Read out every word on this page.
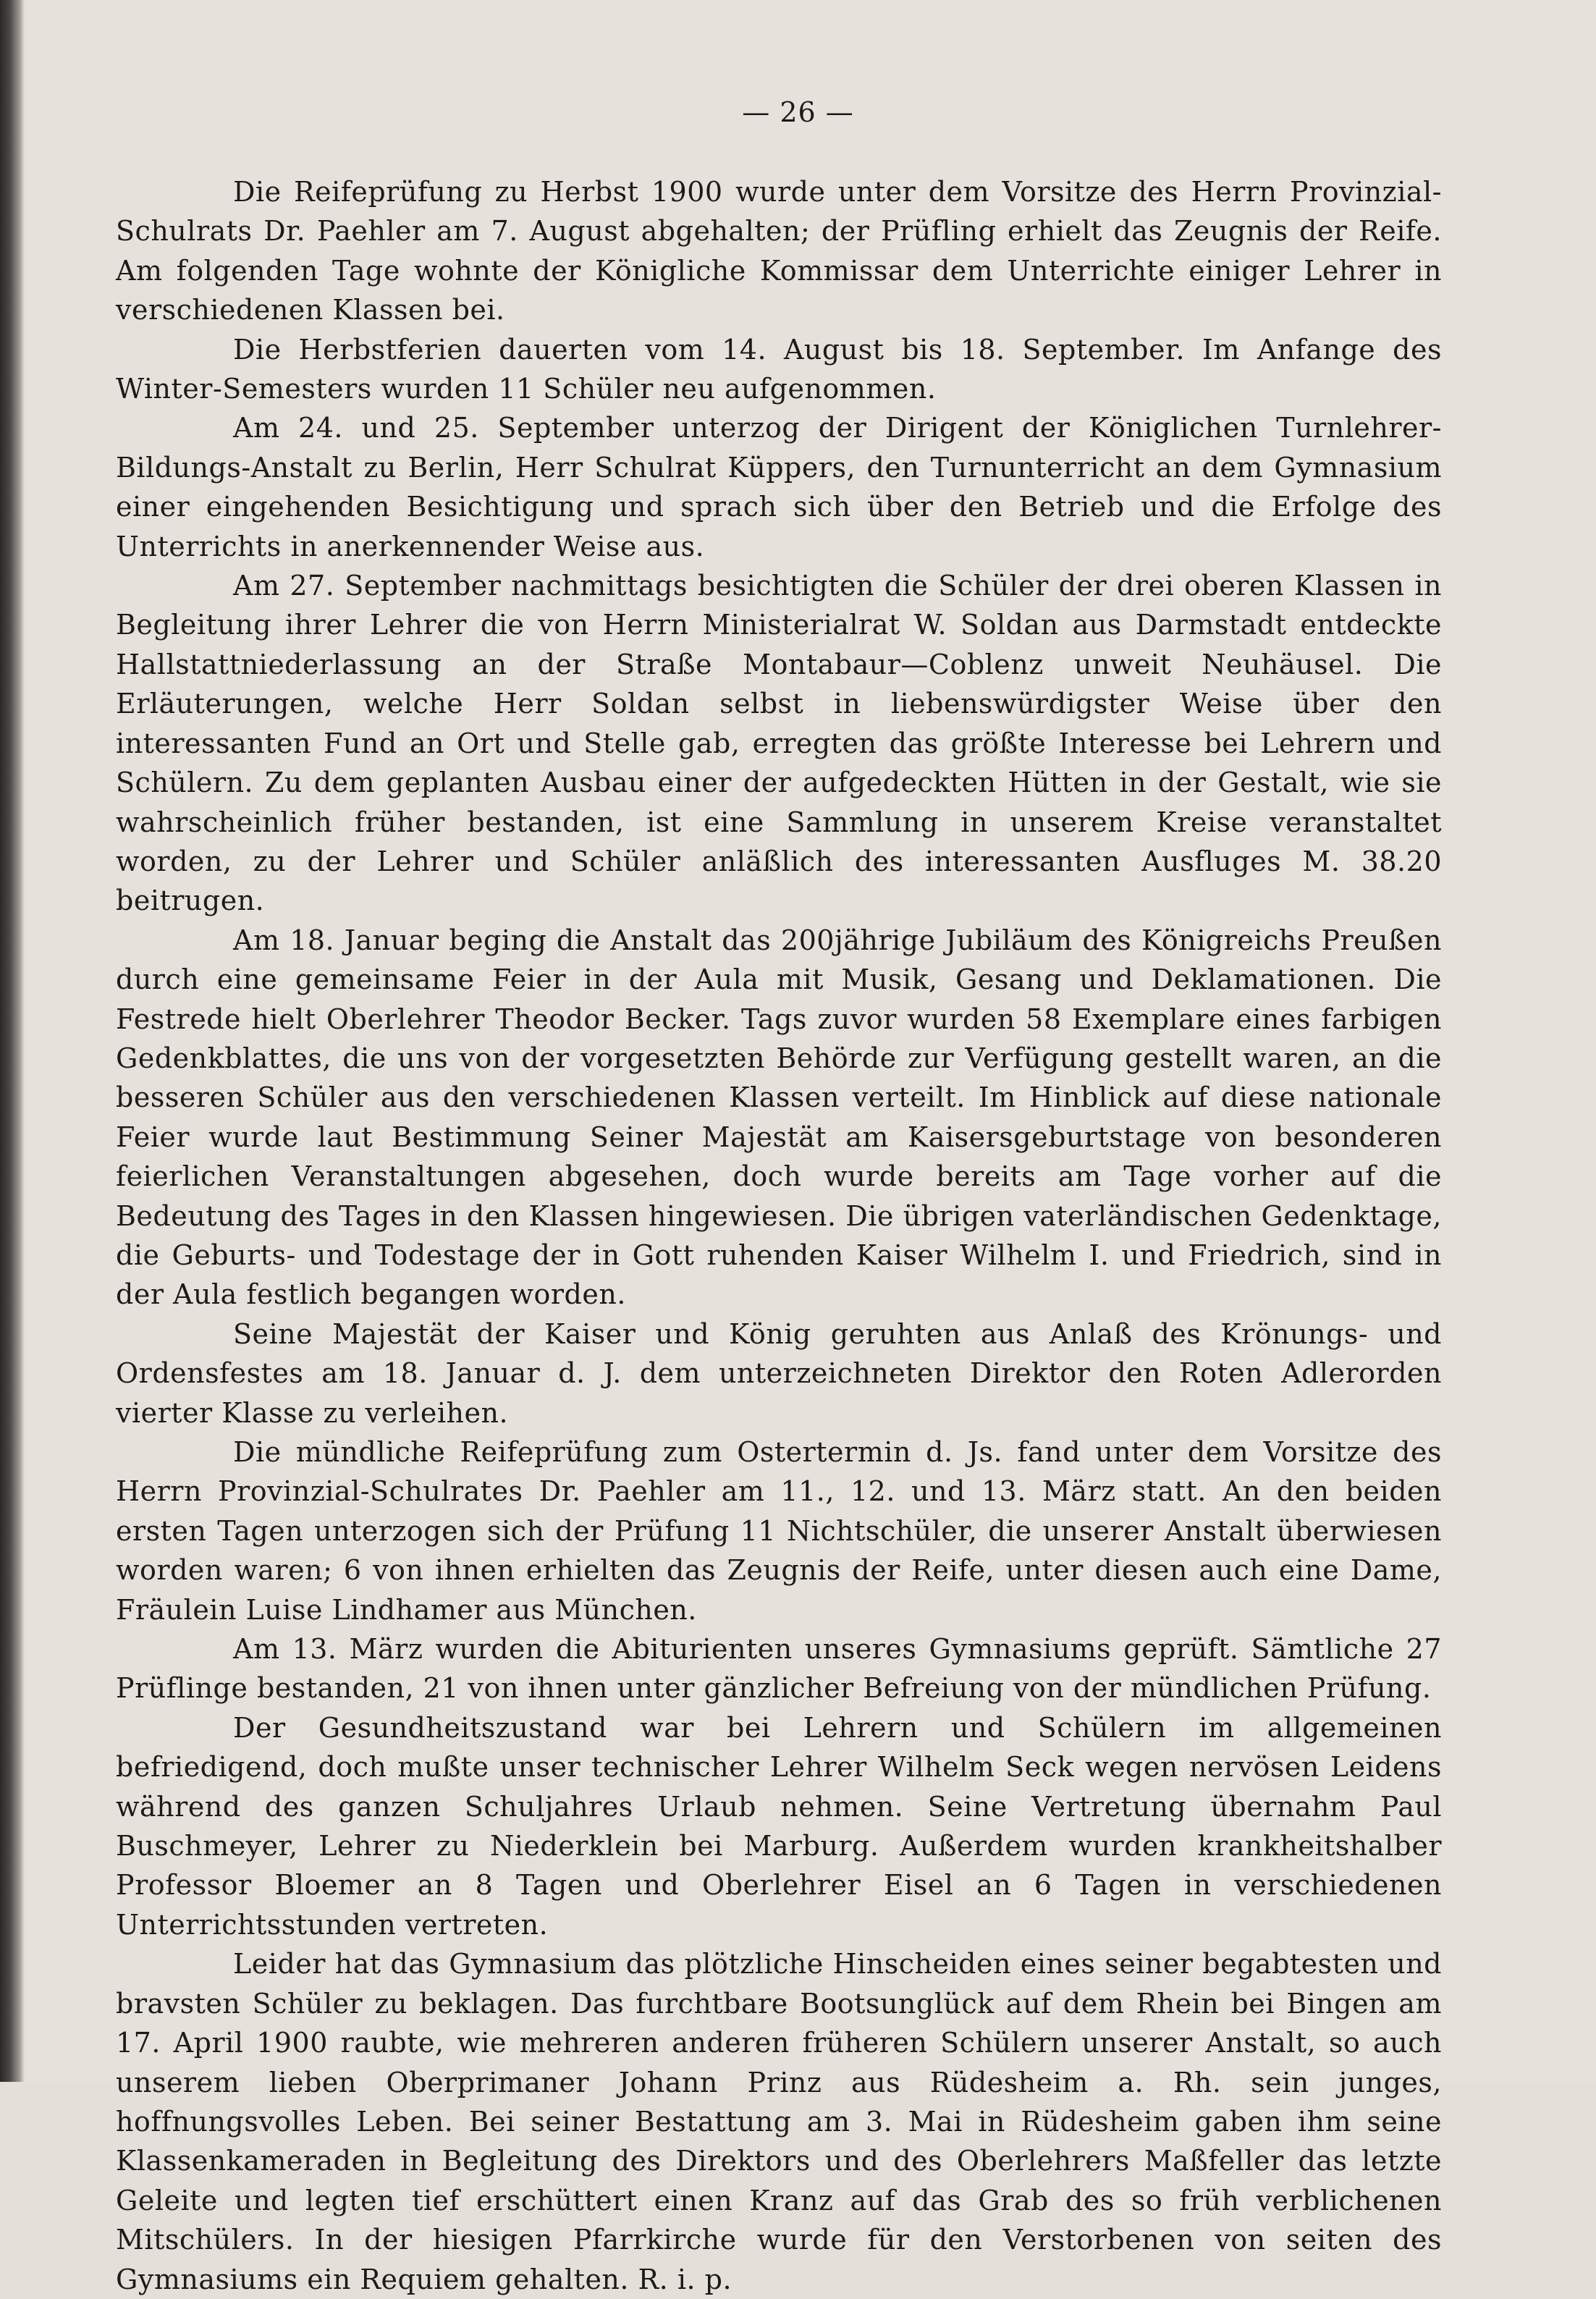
— 26 —

Die Reifeprüfung zu Herbst 1900 wurde unter dem Vorsitze des Herrn Provinzial-Schulrats Dr. Paehler am 7. August abgehalten; der Prüfling erhielt das Zeugnis der Reife. Am folgenden Tage wohnte der Königliche Kommissar dem Unterrichte einiger Lehrer in verschiedenen Klassen bei.

Die Herbstferien dauerten vom 14. August bis 18. September. Im Anfange des Winter-Semesters wurden 11 Schüler neu aufgenommen.

Am 24. und 25. September unterzog der Dirigent der Königlichen Turnlehrer-Bildungs-Anstalt zu Berlin, Herr Schulrat Küppers, den Turnunterricht an dem Gymnasium einer eingehenden Besichtigung und sprach sich über den Betrieb und die Erfolge des Unterrichts in anerkennender Weise aus.

Am 27. September nachmittags besichtigten die Schüler der drei oberen Klassen in Begleitung ihrer Lehrer die von Herrn Ministerialrat W. Soldan aus Darmstadt entdeckte Hallstattniederlassung an der Straße Montabaur—Coblenz unweit Neuhäusel. Die Erläuterungen, welche Herr Soldan selbst in liebenswürdigster Weise über den interessanten Fund an Ort und Stelle gab, erregten das größte Interesse bei Lehrern und Schülern. Zu dem geplanten Ausbau einer der aufgedeckten Hütten in der Gestalt, wie sie wahrscheinlich früher bestanden, ist eine Sammlung in unserem Kreise veranstaltet worden, zu der Lehrer und Schüler anläßlich des interessanten Ausfluges M. 38.20 beitrugen.

Am 18. Januar beging die Anstalt das 200jährige Jubiläum des Königreichs Preußen durch eine gemeinsame Feier in der Aula mit Musik, Gesang und Deklamationen. Die Festrede hielt Oberlehrer Theodor Becker. Tags zuvor wurden 58 Exemplare eines farbigen Gedenkblattes, die uns von der vorgesetzten Behörde zur Verfügung gestellt waren, an die besseren Schüler aus den verschiedenen Klassen verteilt. Im Hinblick auf diese nationale Feier wurde laut Bestimmung Seiner Majestät am Kaisersgeburtstage von besonderen feierlichen Veranstaltungen abgesehen, doch wurde bereits am Tage vorher auf die Bedeutung des Tages in den Klassen hingewiesen. Die übrigen vaterländischen Gedenktage, die Geburts- und Todestage der in Gott ruhenden Kaiser Wilhelm I. und Friedrich, sind in der Aula festlich begangen worden.

Seine Majestät der Kaiser und König geruhten aus Anlaß des Krönungs- und Ordensfestes am 18. Januar d. J. dem unterzeichneten Direktor den Roten Adlerorden vierter Klasse zu verleihen.

Die mündliche Reifeprüfung zum Ostertermin d. Js. fand unter dem Vorsitze des Herrn Provinzial-Schulrates Dr. Paehler am 11., 12. und 13. März statt. An den beiden ersten Tagen unterzogen sich der Prüfung 11 Nichtschüler, die unserer Anstalt überwiesen worden waren; 6 von ihnen erhielten das Zeugnis der Reife, unter diesen auch eine Dame, Fräulein Luise Lindhamer aus München.

Am 13. März wurden die Abiturienten unseres Gymnasiums geprüft. Sämtliche 27 Prüflinge bestanden, 21 von ihnen unter gänzlicher Befreiung von der mündlichen Prüfung.

Der Gesundheitszustand war bei Lehrern und Schülern im allgemeinen befriedigend, doch mußte unser technischer Lehrer Wilhelm Seck wegen nervösen Leidens während des ganzen Schuljahres Urlaub nehmen. Seine Vertretung übernahm Paul Buschmeyer, Lehrer zu Niederklein bei Marburg. Außerdem wurden krankheitshalber Professor Bloemer an 8 Tagen und Oberlehrer Eisel an 6 Tagen in verschiedenen Unterrichtsstunden vertreten.

Leider hat das Gymnasium das plötzliche Hinscheiden eines seiner begabtesten und bravsten Schüler zu beklagen. Das furchtbare Bootsunglück auf dem Rhein bei Bingen am 17. April 1900 raubte, wie mehreren anderen früheren Schülern unserer Anstalt, so auch unserem lieben Oberprimaner Johann Prinz aus Rüdesheim a. Rh. sein junges, hoffnungsvolles Leben. Bei seiner Bestattung am 3. Mai in Rüdesheim gaben ihm seine Klassenkameraden in Begleitung des Direktors und des Oberlehrers Maßfeller das letzte Geleite und legten tief erschüttert einen Kranz auf das Grab des so früh verblichenen Mitschülers. In der hiesigen Pfarrkirche wurde für den Verstorbenen von seiten des Gymnasiums ein Requiem gehalten. R. i. p.
